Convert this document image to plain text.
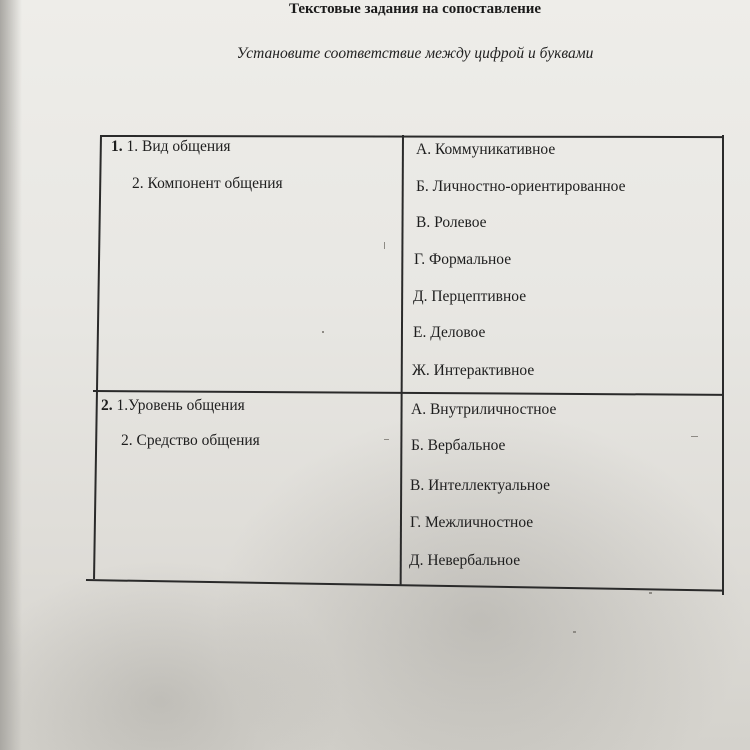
Текстовые задания на сопоставление
Установите соответствие между цифрой и буквами
1. 1. Вид общения
2. Компонент общения
А. Коммуникативное
Б. Личностно-ориентированное
В. Ролевое
Г. Формальное
Д. Перцептивное
Е. Деловое
Ж. Интерактивное
2. 1.Уровень общения
2. Средство общения
А. Внутриличностное
Б. Вербальное
В. Интеллектуальное
Г. Межличностное
Д. Невербальное
